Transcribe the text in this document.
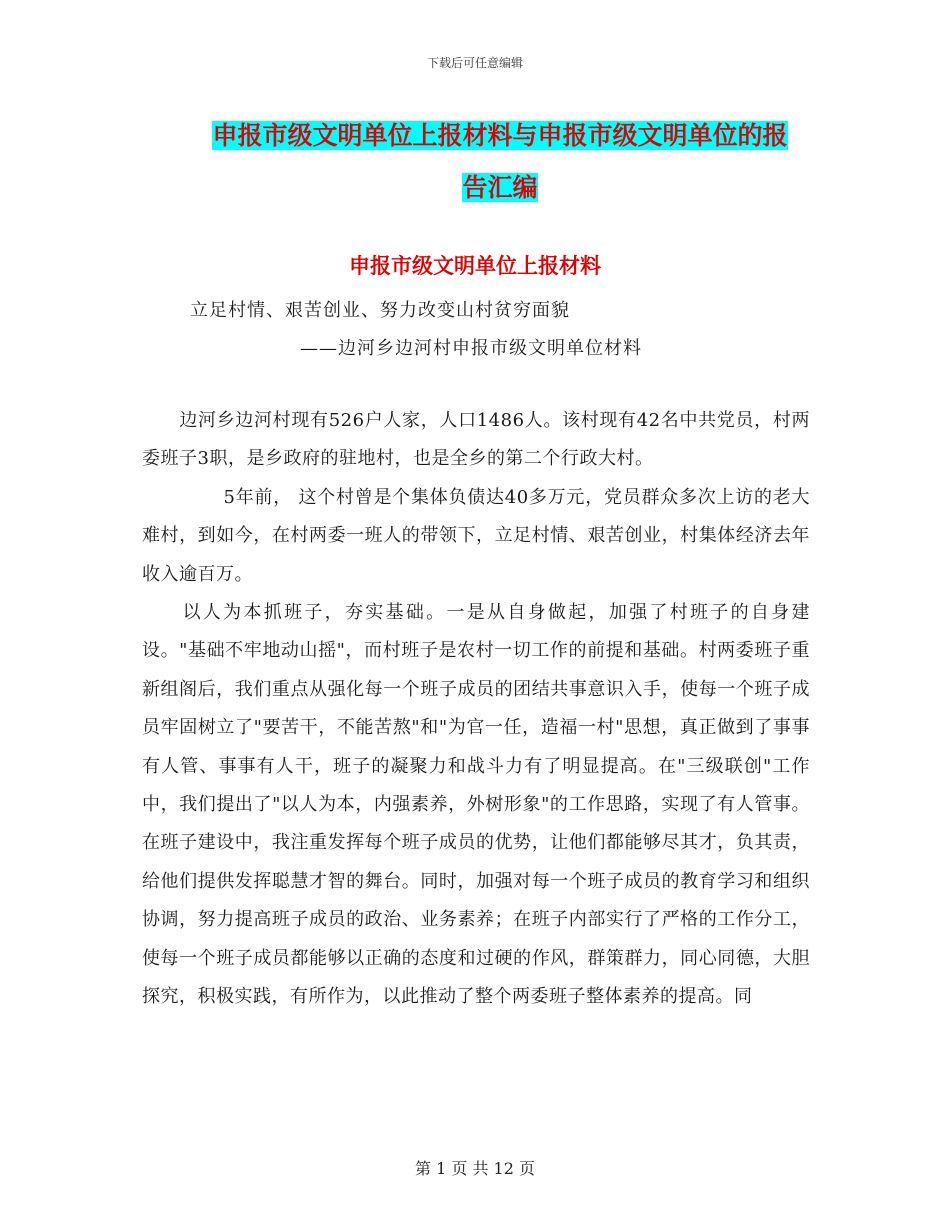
下载后可任意编辑
申报市级文明单位上报材料与申报市级文明单位的报
告汇编
申报市级文明单位上报材料
立足村情、艰苦创业、努力改变山村贫穷面貌
——边河乡边河村申报市级文明单位材料

　　边河乡边河村现有526户人家，人口1486人。该村现有42名中共党员，村两委班子3职，是乡政府的驻地村，也是全乡的第二个行政大村。

　　　　 5年前， 这个村曾是个集体负债达40多万元，党员群众多次上访的老大难村，到如今，在村两委一班人的带领下，立足村情、艰苦创业，村集体经济去年收入逾百万。

　　以人为本抓班子，夯实基础。一是从自身做起，加强了村班子的自身建设。"基础不牢地动山摇"，而村班子是农村一切工作的前提和基础。村两委班子重新组阁后，我们重点从强化每一个班子成员的团结共事意识入手，使每一个班子成员牢固树立了"要苦干，不能苦熬"和"为官一任，造福一村"思想，真正做到了事事有人管、事事有人干，班子的凝聚力和战斗力有了明显提高。在"三级联创"工作中，我们提出了"以人为本，内强素养，外树形象"的工作思路，实现了有人管事。在班子建设中，我注重发挥每个班子成员的优势，让他们都能够尽其才，负其责，给他们提供发挥聪慧才智的舞台。同时，加强对每一个班子成员的教育学习和组织协调，努力提高班子成员的政治、业务素养；在班子内部实行了严格的工作分工，使每一个班子成员都能够以正确的态度和过硬的作风，群策群力，同心同德，大胆探究，积极实践，有所作为，以此推动了整个两委班子整体素养的提高。同

第 1 页 共 12 页
